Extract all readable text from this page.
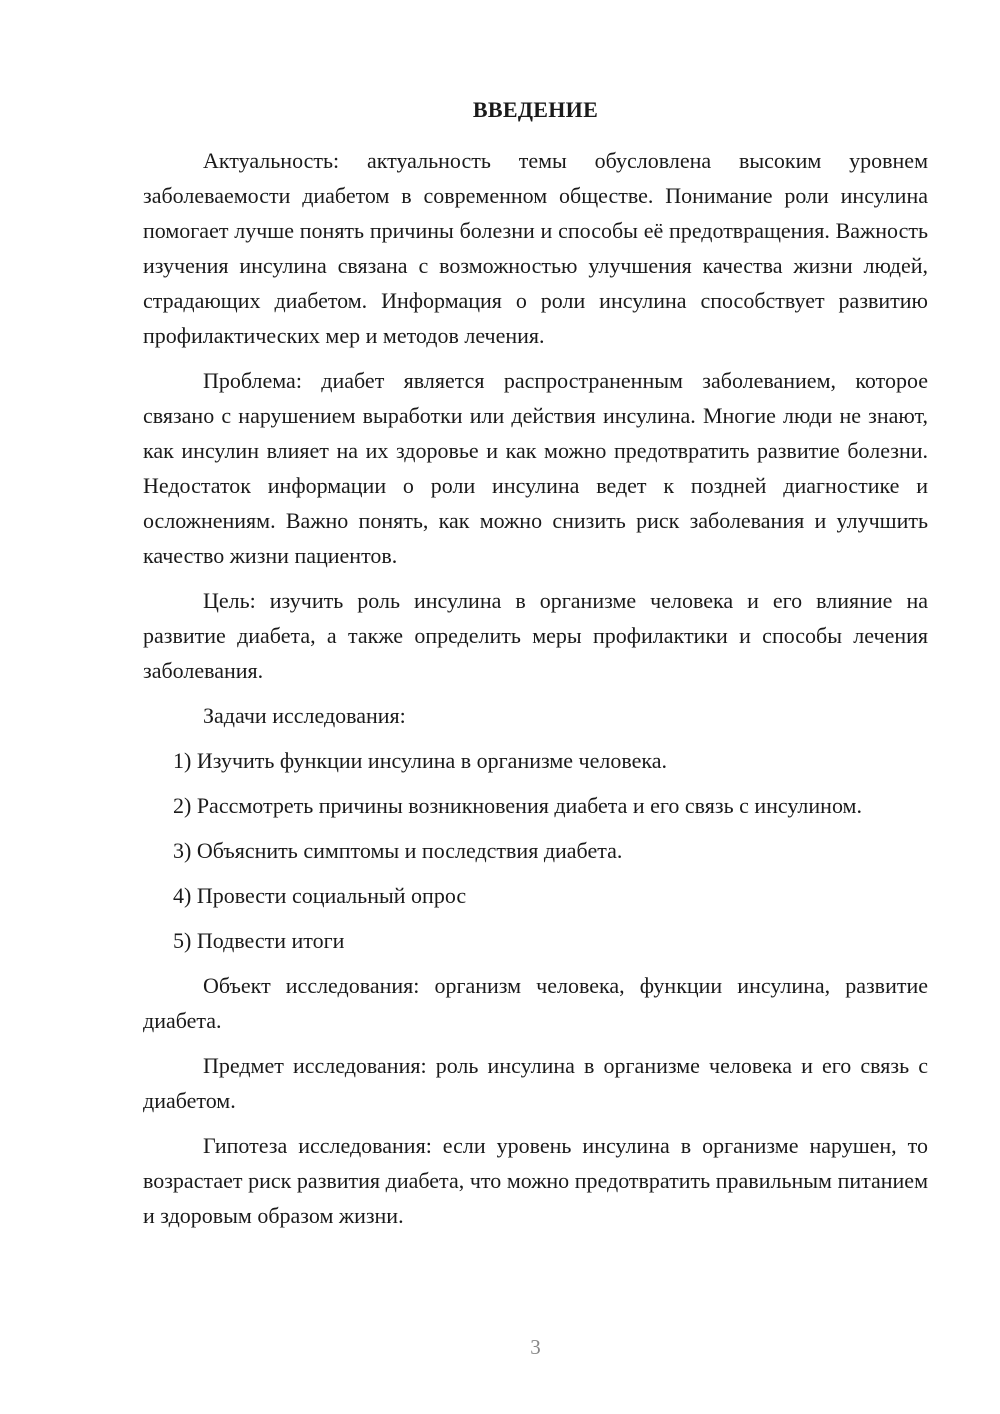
ВВЕДЕНИЕ

Актуальность: актуальность темы обусловлена высоким уровнем заболеваемости диабетом в современном обществе. Понимание роли инсулина помогает лучше понять причины болезни и способы её предотвращения. Важность изучения инсулина связана с возможностью улучшения качества жизни людей, страдающих диабетом. Информация о роли инсулина способствует развитию профилактических мер и методов лечения.

Проблема: диабет является распространенным заболеванием, которое связано с нарушением выработки или действия инсулина. Многие люди не знают, как инсулин влияет на их здоровье и как можно предотвратить развитие болезни. Недостаток информации о роли инсулина ведет к поздней диагностике и осложнениям. Важно понять, как можно снизить риск заболевания и улучшить качество жизни пациентов.

Цель: изучить роль инсулина в организме человека и его влияние на развитие диабета, а также определить меры профилактики и способы лечения заболевания.

Задачи исследования:

1) Изучить функции инсулина в организме человека.

2) Рассмотреть причины возникновения диабета и его связь с инсулином.

3) Объяснить симптомы и последствия диабета.

4) Провести социальный опрос

5) Подвести итоги

Объект исследования: организм человека, функции инсулина, развитие диабета.

Предмет исследования: роль инсулина в организме человека и его связь с диабетом.

Гипотеза исследования: если уровень инсулина в организме нарушен, то возрастает риск развития диабета, что можно предотвратить правильным питанием и здоровым образом жизни.

3
